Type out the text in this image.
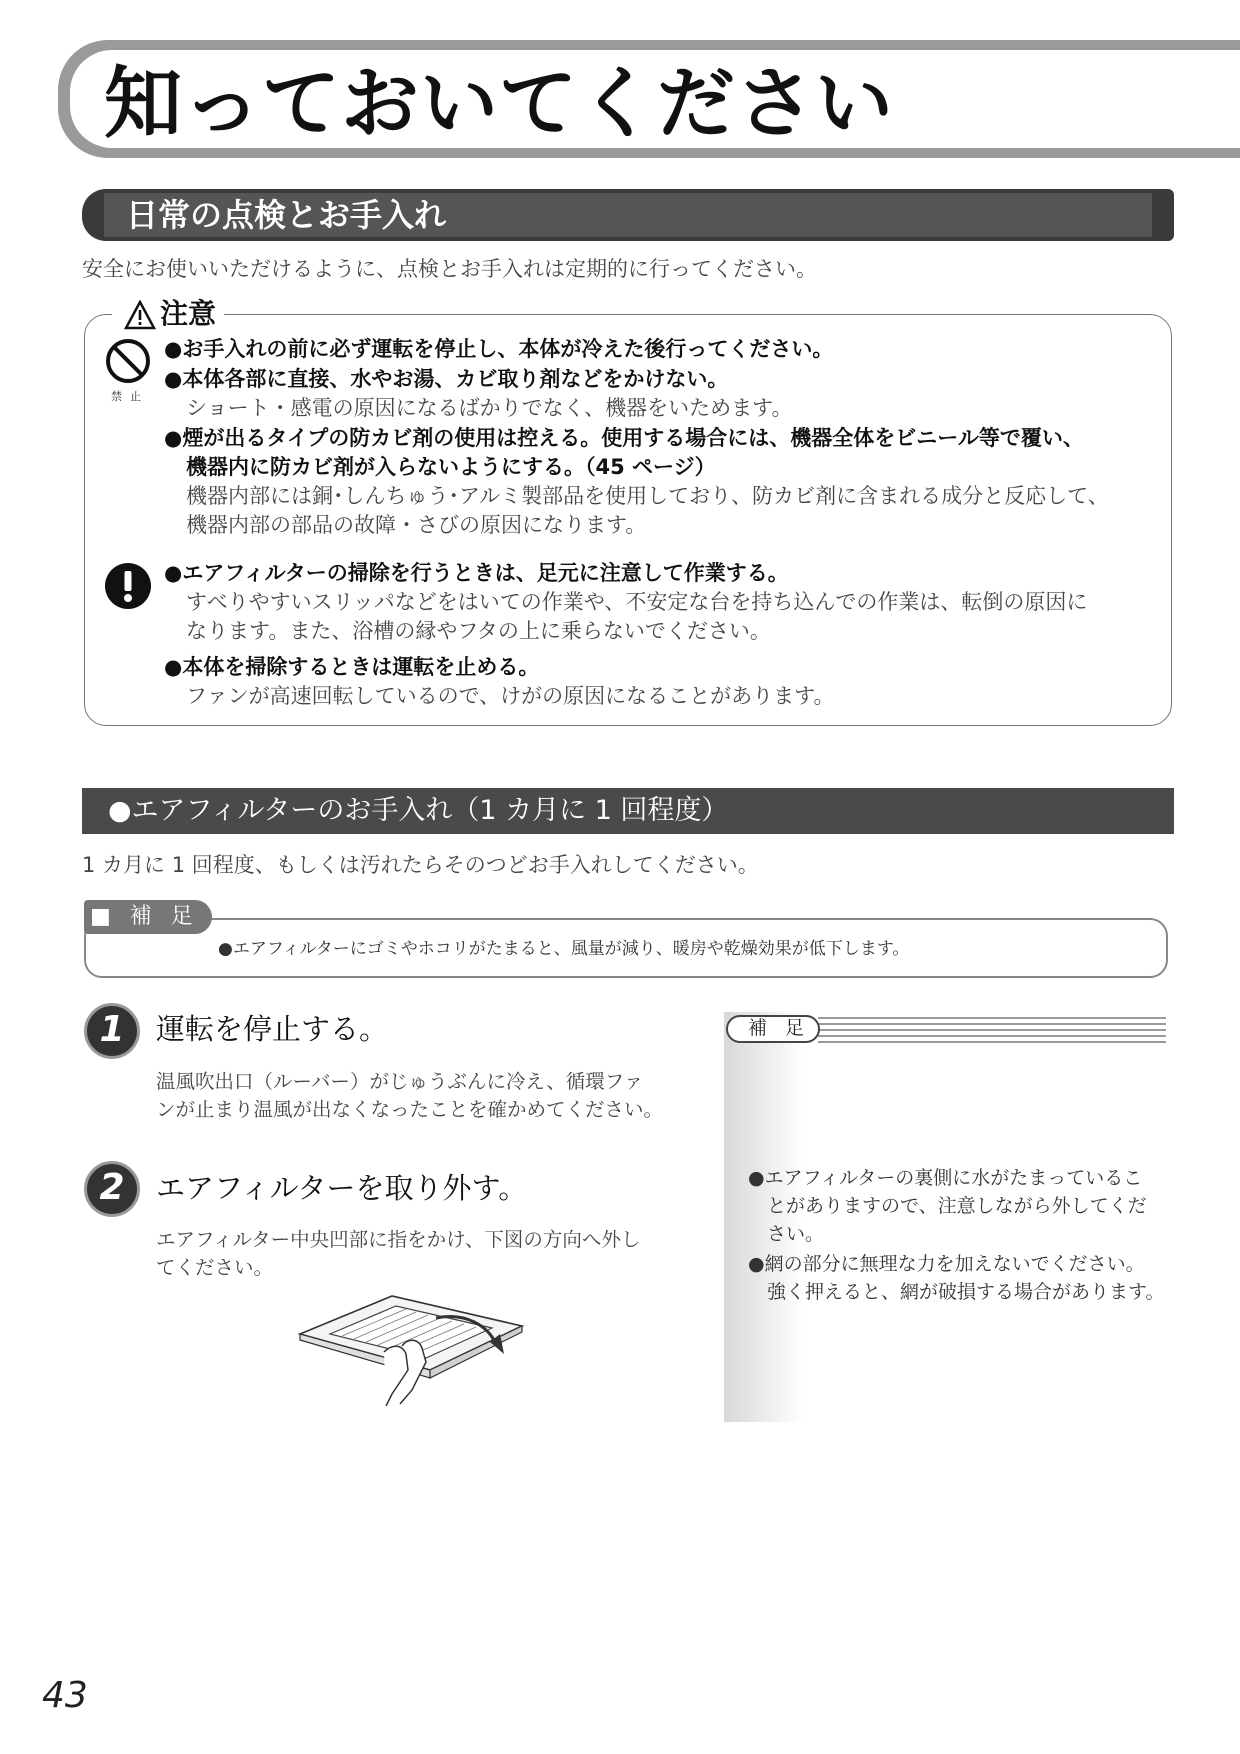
知っておいてください
日常の点検とお手入れ
安全にお使いいただけるように、点検とお手入れは定期的に行ってください。
注意
禁止
●お手入れの前に必ず運転を停止し、本体が冷えた後行ってください。
●本体各部に直接、水やお湯、カビ取り剤などをかけない。
ショート・感電の原因になるばかりでなく、機器をいためます。
●煙が出るタイプの防カビ剤の使用は控える。使用する場合には、機器全体をビニール等で覆い、
機器内に防カビ剤が入らないようにする。（45 ページ）
機器内部には銅･しんちゅう･アルミ製部品を使用しており、防カビ剤に含まれる成分と反応して、
機器内部の部品の故障・さびの原因になります。
●エアフィルターの掃除を行うときは、足元に注意して作業する。
すべりやすいスリッパなどをはいての作業や、不安定な台を持ち込んでの作業は、転倒の原因に
なります。また、浴槽の縁やフタの上に乗らないでください。
●本体を掃除するときは運転を止める。
ファンが高速回転しているので、けがの原因になることがあります。
●エアフィルターのお手入れ（1 カ月に 1 回程度）
1 カ月に 1 回程度、もしくは汚れたらそのつどお手入れしてください。
■ 補 足
●エアフィルターにゴミやホコリがたまると、風量が減り、暖房や乾燥効果が低下します。
1	運転を停止する。
温風吹出口（ルーバー）がじゅうぶんに冷え、循環ファ
ンが止まり温風が出なくなったことを確かめてください。
2	エアフィルターを取り外す。
エアフィルター中央凹部に指をかけ、下図の方向へ外し
てください。
補 足
●エアフィルターの裏側に水がたまっているこ
　とがありますので、注意しながら外してくだ
　さい。
●網の部分に無理な力を加えないでください。
　強く押えると、網が破損する場合があります。
43
